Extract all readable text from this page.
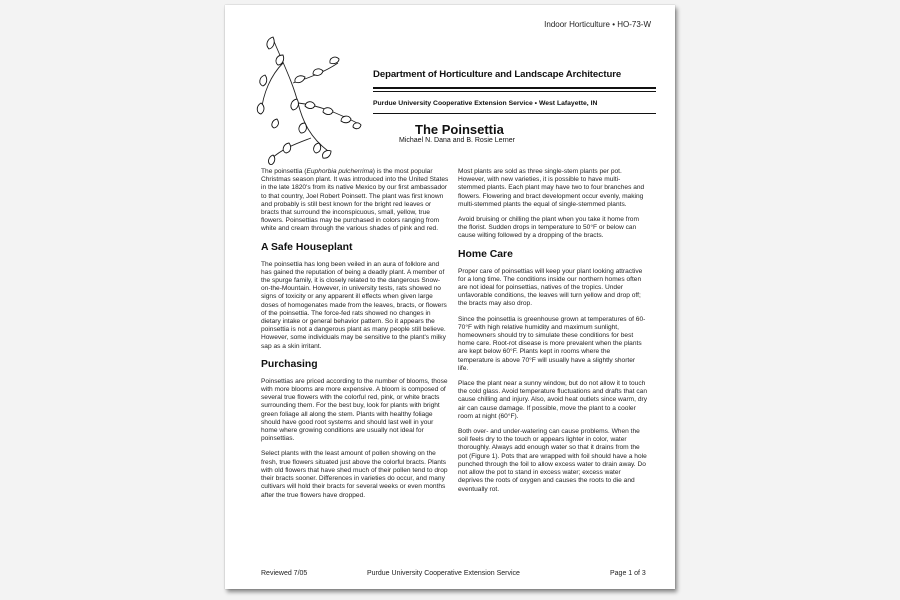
Indoor Horticulture • HO-73-W
Department of Horticulture and Landscape Architecture
Purdue University Cooperative Extension Service • West Lafayette, IN
The Poinsettia
Michael N. Dana and B. Rosie Lerner

The poinsettia (Euphorbia pulcherrima) is the most popular Christmas season plant. It was introduced into the United States in the late 1820's from its native Mexico by our first ambassador to that country, Joel Robert Poinsett. The plant was first known and probably is still best known for the bright red leaves or bracts that surround the inconspicuous, small, yellow, true flowers. Poinsettias may be purchased in colors ranging from white and cream through the various shades of pink and red.

A Safe Houseplant

The poinsettia has long been veiled in an aura of folklore and has gained the reputation of being a deadly plant. A member of the spurge family, it is closely related to the dangerous Snow-on-the-Mountain. However, in university tests, rats showed no signs of toxicity or any apparent ill effects when given large doses of homogenates made from the leaves, bracts, or flowers of the poinsettia. The force-fed rats showed no changes in dietary intake or general behavior pattern. So it appears the poinsettia is not a dangerous plant as many people still believe. However, some individuals may be sensitive to the plant's milky sap as a skin irritant.

Purchasing

Poinsettias are priced according to the number of blooms, those with more blooms are more expensive. A bloom is composed of several true flowers with the colorful red, pink, or white bracts surrounding them. For the best buy, look for plants with bright green foliage all along the stem. Plants with healthy foliage should have good root systems and should last well in your home where growing conditions are usually not ideal for poinsettias.

Select plants with the least amount of pollen showing on the fresh, true flowers situated just above the colorful bracts. Plants with old flowers that have shed much of their pollen tend to drop their bracts sooner. Differences in varieties do occur, and many cultivars will hold their bracts for several weeks or even months after the true flowers have dropped.

Most plants are sold as three single-stem plants per pot. However, with new varieties, it is possible to have multi-stemmed plants. Each plant may have two to four branches and flowers. Flowering and bract development occur evenly, making multi-stemmed plants the equal of single-stemmed plants.

Avoid bruising or chilling the plant when you take it home from the florist. Sudden drops in temperature to 50°F or below can cause wilting followed by a dropping of the bracts.

Home Care

Proper care of poinsettias will keep your plant looking attractive for a long time. The conditions inside our northern homes often are not ideal for poinsettias, natives of the tropics. Under unfavorable conditions, the leaves will turn yellow and drop off; the bracts may also drop.

Since the poinsettia is greenhouse grown at temperatures of 60-70°F with high relative humidity and maximum sunlight, homeowners should try to simulate these conditions for best home care. Root-rot disease is more prevalent when the plants are kept below 60°F. Plants kept in rooms where the temperature is above 70°F will usually have a slightly shorter life.

Place the plant near a sunny window, but do not allow it to touch the cold glass. Avoid temperature fluctuations and drafts that can cause chilling and injury. Also, avoid heat outlets since warm, dry air can cause damage. If possible, move the plant to a cooler room at night (60°F).

Both over- and under-watering can cause problems. When the soil feels dry to the touch or appears lighter in color, water thoroughly. Always add enough water so that it drains from the pot (Figure 1). Pots that are wrapped with foil should have a hole punched through the foil to allow excess water to drain away. Do not allow the pot to stand in excess water; excess water deprives the roots of oxygen and causes the roots to die and eventually rot.

Reviewed 7/05	Purdue University Cooperative Extension Service	Page 1 of 3
